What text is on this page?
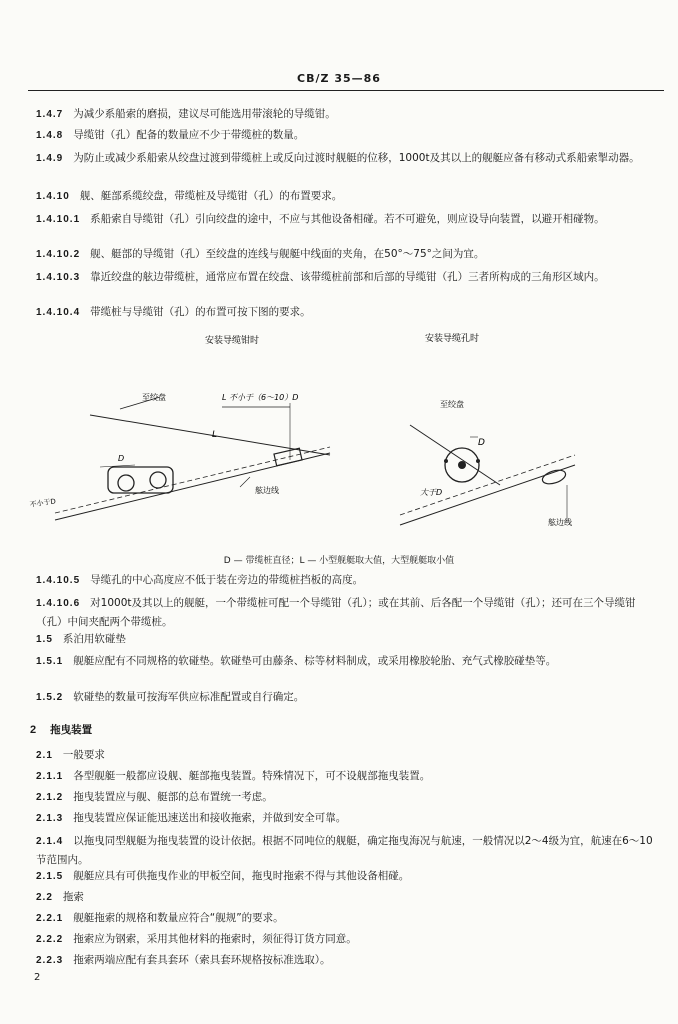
CB/Z 35—86
1.4.7 为减少系船索的磨损，建议尽可能选用带滚轮的导缆钳。
1.4.8 导缆钳（孔）配备的数量应不少于带缆桩的数量。
1.4.9 为防止或减少系船索从绞盘过渡到带缆桩上或反向过渡时舰艇的位移，1000t及其以上的舰艇应备有移动式系船索掣动器。
1.4.10 舰、艇部系缆绞盘，带缆桩及导缆钳（孔）的布置要求。
1.4.10.1 系船索自导缆钳（孔）引向绞盘的途中，不应与其他设备相碰。若不可避免，则应设导向装置，以避开相碰物。
1.4.10.2 舰、艇部的导缆钳（孔）至绞盘的连线与舰艇中线面的夹角，在50°～75°之间为宜。
1.4.10.3 靠近绞盘的舷边带缆桩，通常应布置在绞盘、该带缆桩前部和后部的导缆钳（孔）三者所构成的三角形区域内。
1.4.10.4 带缆桩与导缆钳（孔）的布置可按下图的要求。
安装导缆钳时	安装导缆孔时
至绞盘	L 不小于（6～10）D
L
D
不小于D
舷边线
至绞盘
D
大于D
舷边线
D — 带缆桩直径；L — 小型舰艇取大值，大型舰艇取小值
1.4.10.5 导缆孔的中心高度应不低于装在旁边的带缆桩挡板的高度。
1.4.10.6 对1000t及其以上的舰艇，一个带缆桩可配一个导缆钳（孔）；或在其前、后各配一个导缆钳（孔）；还可在三个导缆钳（孔）中间夹配两个带缆桩。
1.5 系泊用软碰垫
1.5.1 舰艇应配有不同规格的软碰垫。软碰垫可由藤条、棕等材料制成，或采用橡胶轮胎、充气式橡胶碰垫等。
1.5.2 软碰垫的数量可按海军供应标准配置或自行确定。
2 拖曳装置
2.1 一般要求
2.1.1 各型舰艇一般都应设舰、艇部拖曳装置。特殊情况下，可不设舰部拖曳装置。
2.1.2 拖曳装置应与舰、艇部的总布置统一考虑。
2.1.3 拖曳装置应保证能迅速送出和接收拖索，并做到安全可靠。
2.1.4 以拖曳同型舰艇为拖曳装置的设计依据。根据不同吨位的舰艇，确定拖曳海况与航速，一般情况以2～4级为宜，航速在6～10节范围内。
2.1.5 舰艇应具有可供拖曳作业的甲板空间，拖曳时拖索不得与其他设备相碰。
2.2 拖索
2.2.1 舰艇拖索的规格和数量应符合“舰规”的要求。
2.2.2 拖索应为钢索，采用其他材料的拖索时，须征得订货方同意。
2.2.3 拖索两端应配有套具套环（索具套环规格按标准选取）。
2
